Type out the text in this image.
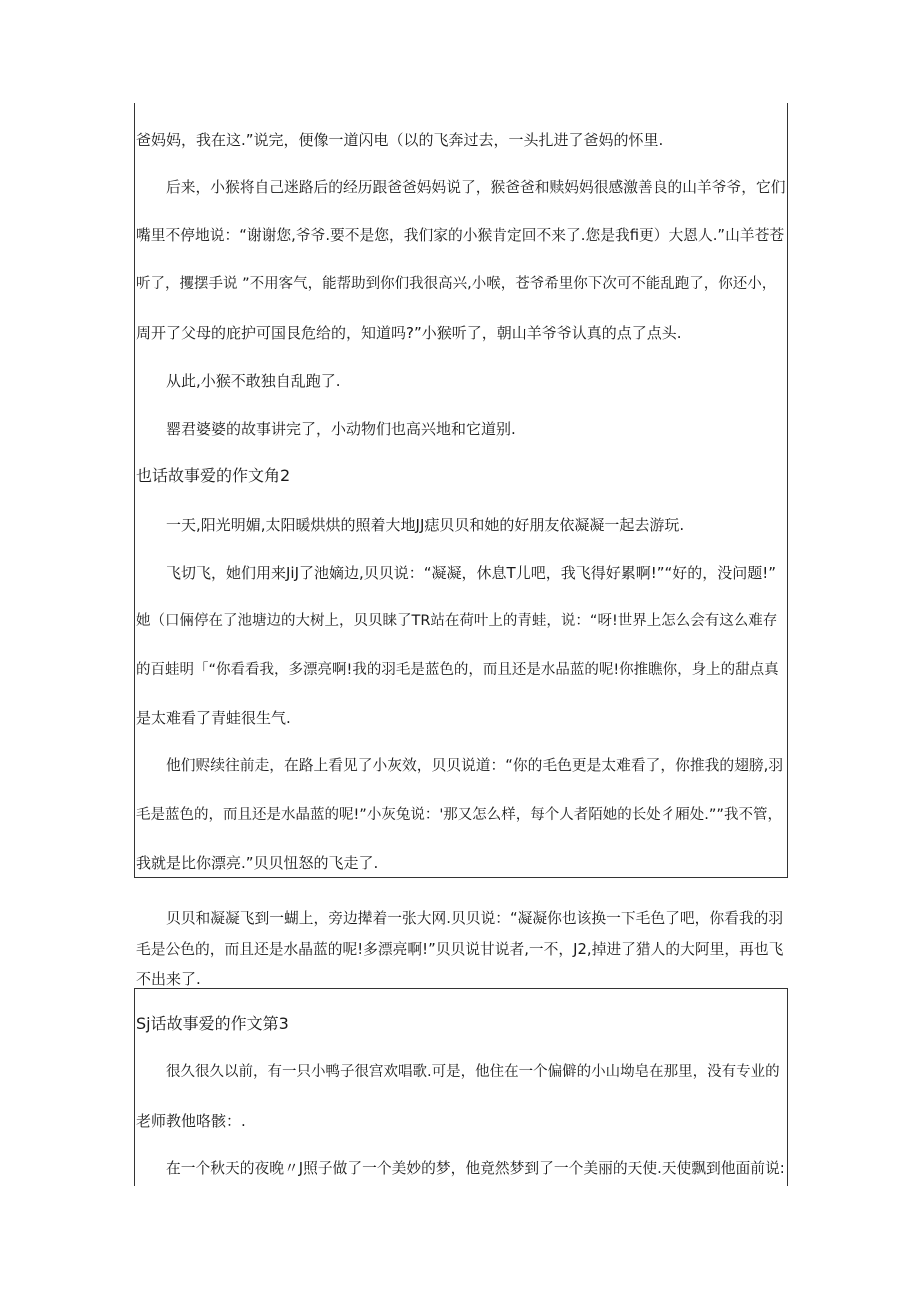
爸妈妈，我在这.”说完，便像一道闪电（以的飞奔过去，一头扎进了爸妈的怀里.
后来，小猴将自己迷路后的经历跟爸爸妈妈说了，猴爸爸和赎妈妈很感激善良的山羊爷爷，它们
嘴里不停地说：“谢谢您,爷爷.要不是您，我们家的小猴肯定回不来了.您是我fi更）大恩人.”山羊苍苍
听了，攫摆手说 ”不用客气，能帮助到你们我很高兴,小喉，苍爷希里你下次可不能乱跑了，你还小，
周开了父母的庇护可国艮危给的，知道吗?”小猴听了，朝山羊爷爷认真的点了点头.
从此,小猴不敢独自乱跑了.
罂君婆婆的故事讲完了，小动物们也高兴地和它道别.
也话故事爱的作文角2
一天,阳光明媚,太阳暖烘烘的照着大地JJ痣贝贝和她的好朋友依凝凝一起去游玩.
飞切飞，她们用来JiJ了池嫡边,贝贝说：“凝凝，休息T儿吧，我飞得好累啊!”“好的，没问题!”
她（口倆停在了池塘边的大树上，贝贝睐了TR站在荷叶上的青蛙，说：“呀!世界上怎么会有这么难存
的百蛙明「“你看看我，多漂亮啊!我的羽毛是蓝色的，而且还是水品蓝的呢!你推瞧你，身上的甜点真
是太难看了青蛙很生气.
他们赆续往前走，在路上看见了小灰效，贝贝说道：“你的毛色更是太难看了，你推我的翅膀,羽
毛是蓝色的，而且还是水晶蓝的呢!”小灰兔说：'那又怎么样，每个人者陌她的长处彳厢处.””我不管，
我就是比你漂亮.”贝贝忸怒的飞走了.
贝贝和凝凝飞到一蝴上，旁边撵着一张大网.贝贝说：“凝凝你也该换一下毛色了吧，你看我的羽
毛是公色的，而且还是水晶蓝的呢!多漂亮啊!”贝贝说甘说者,一不，J2,掉进了猎人的大阿里，再也飞
不出来了.
Sj话故事爱的作文第3
很久很久以前，有一只小鸭子很宫欢唱歌.可是，他住在一个偏僻的小山坳皂在那里，没有专业的
老师教他咯骸：.
在一个秋天的夜晚〃J照子做了一个美妙的梦，他竟然梦到了一个美丽的天使.天使飘到他面前说:
